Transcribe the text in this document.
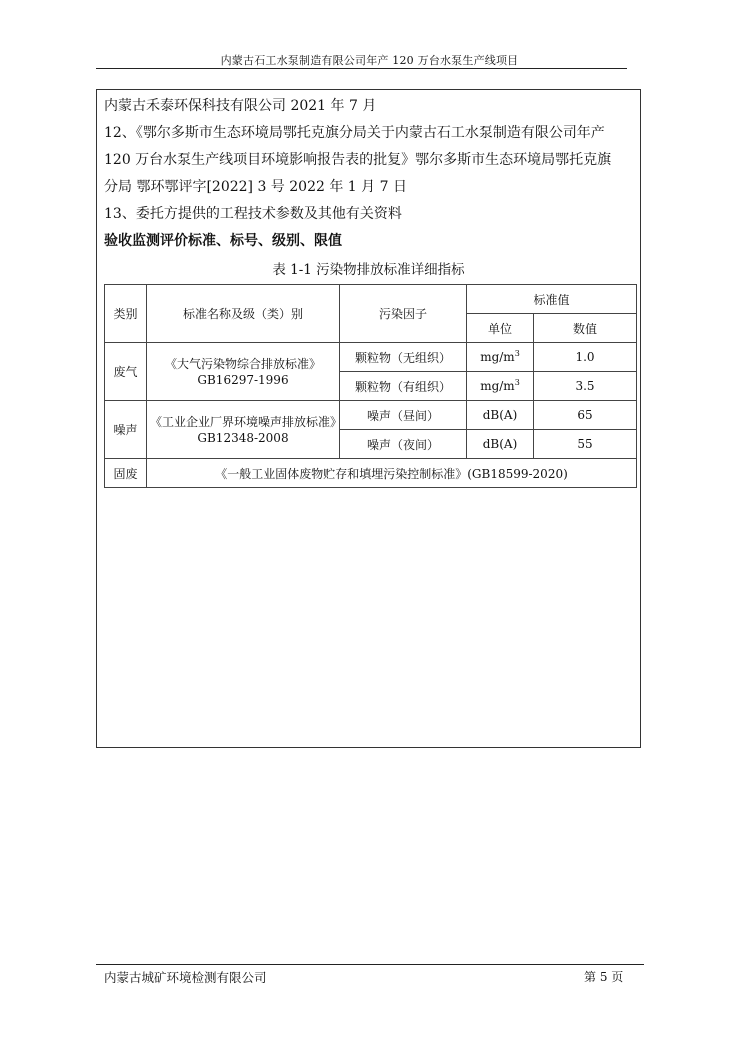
内蒙古石工水泵制造有限公司年产 120 万台水泵生产线项目
内蒙古禾泰环保科技有限公司 2021 年 7 月
12、《鄂尔多斯市生态环境局鄂托克旗分局关于内蒙古石工水泵制造有限公司年产
120 万台水泵生产线项目环境影响报告表的批复》鄂尔多斯市生态环境局鄂托克旗
分局 鄂环鄂评字[2022] 3 号 2022 年 1 月 7 日
13、委托方提供的工程技术参数及其他有关资料
验收监测评价标准、标号、级别、限值
表 1-1 污染物排放标准详细指标
类别	标准名称及级（类）别	污染因子	标准值	
			单位	数值
废气	《大气污染物综合排放标准》GB16297-1996	颗粒物（无组织）	$mg/m^3$	1.0
		颗粒物（有组织）	$mg/m^3$	3.5
噪声	《工业企业厂界环境噪声排放标准》GB12348-2008	噪声（昼间）	dB(A)	65
		噪声（夜间）	dB(A)	55
固废	《一般工业固体废物贮存和填埋污染控制标准》(GB18599-2020)			
内蒙古城矿环境检测有限公司	第 5 页
